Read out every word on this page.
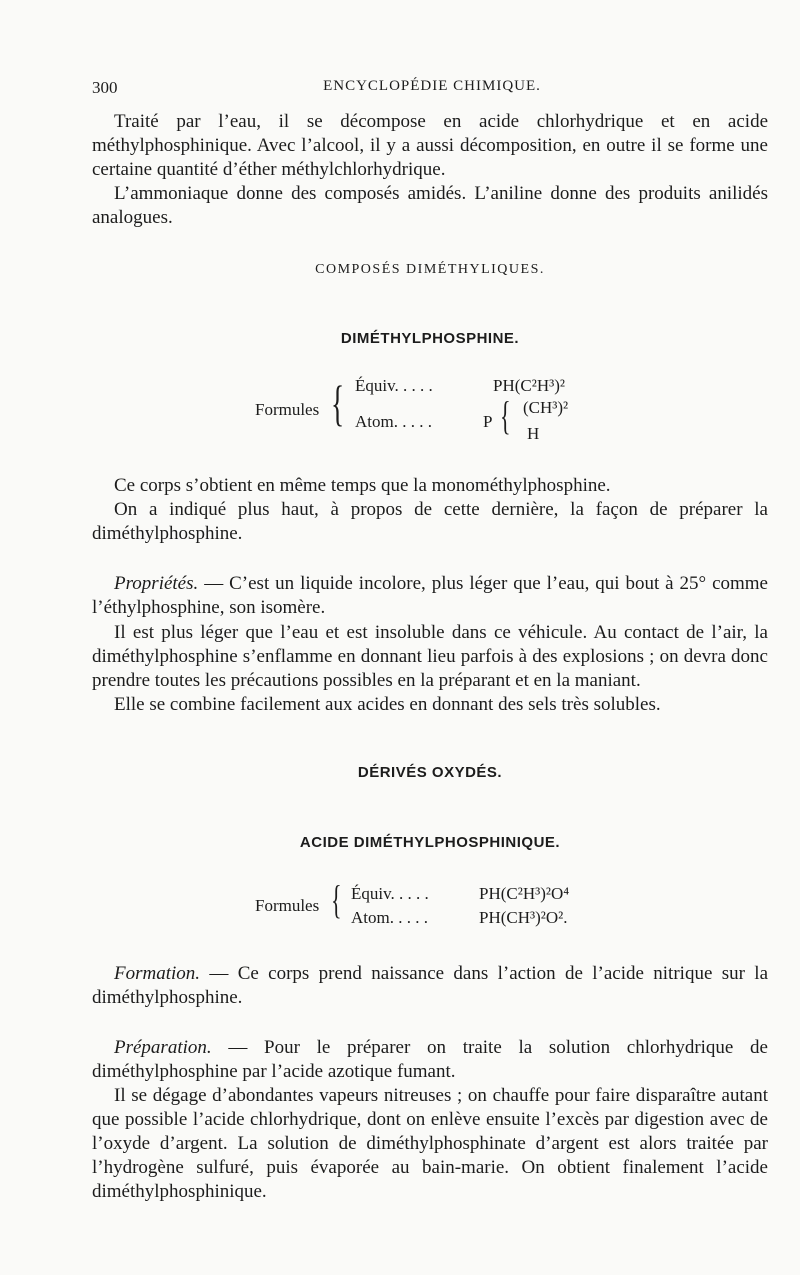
300	ENCYCLOPÉDIE CHIMIQUE.

Traité par l’eau, il se décompose en acide chlorhydrique et en acide méthylphosphinique. Avec l’alcool, il y a aussi décomposition, en outre il se forme une certaine quantité d’éther méthylchlorhydrique.

L’ammoniaque donne des composés amidés. L’aniline donne des produits anilidés analogues.

COMPOSÉS DIMÉTHYLIQUES.
DIMÉTHYLPHOSPHINE.
Formules { Équiv. . . . .	PH(C²H³)²
Atom. . . . .	P { (CH³)²
H

Ce corps s’obtient en même temps que la monométhylphosphine.

On a indiqué plus haut, à propos de cette dernière, la façon de préparer la diméthylphosphine.

Propriétés. — C’est un liquide incolore, plus léger que l’eau, qui bout à 25° comme l’éthylphosphine, son isomère.

Il est plus léger que l’eau et est insoluble dans ce véhicule. Au contact de l’air, la diméthylphosphine s’enflamme en donnant lieu parfois à des explosions ; on devra donc prendre toutes les précautions possibles en la préparant et en la maniant.

Elle se combine facilement aux acides en donnant des sels très solubles.

DÉRIVÉS OXYDÉS.
ACIDE DIMÉTHYLPHOSPHINIQUE.
Formules { Équiv. . . . .	PH(C²H³)²O⁴
Atom. . . . .	PH(CH³)²O².

Formation. — Ce corps prend naissance dans l’action de l’acide nitrique sur la diméthylphosphine.

Préparation. — Pour le préparer on traite la solution chlorhydrique de diméthylphosphine par l’acide azotique fumant.

Il se dégage d’abondantes vapeurs nitreuses ; on chauffe pour faire disparaître autant que possible l’acide chlorhydrique, dont on enlève ensuite l’excès par digestion avec de l’oxyde d’argent. La solution de diméthylphosphinate d’argent est alors traitée par l’hydrogène sulfuré, puis évaporée au bain-marie. On obtient finalement l’acide diméthylphosphinique.
